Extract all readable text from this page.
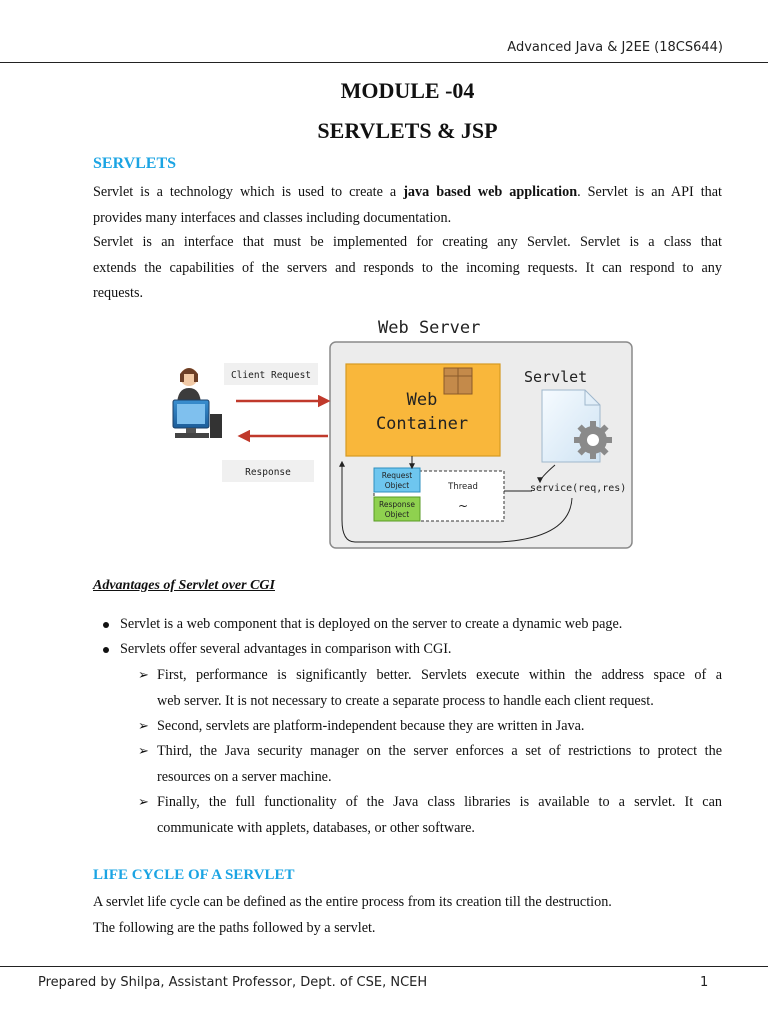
Advanced Java & J2EE (18CS644)
MODULE -04
SERVLETS & JSP
SERVLETS
Servlet is a technology which is used to create a java based web application. Servlet is an API that
provides many interfaces and classes including documentation.
Servlet is an interface that must be implemented for creating any Servlet. Servlet is a class that
extends the capabilities of the servers and responds to the incoming requests. It can respond to any
requests.
Web Server
Web
Container
Servlet
Thread
~
Request
Object
Response
Object
service(req,res)
Client Request
Response
Advantages of Servlet over CGI
Servlet is a web component that is deployed on the server to create a dynamic web page.
Servlets offer several advantages in comparison with CGI.
➢ First, performance is significantly better. Servlets execute within the address space of a
web server. It is not necessary to create a separate process to handle each client request.
➢ Second, servlets are platform-independent because they are written in Java.
➢ Third, the Java security manager on the server enforces a set of restrictions to protect the
resources on a server machine.
➢ Finally, the full functionality of the Java class libraries is available to a servlet. It can
communicate with applets, databases, or other software.
LIFE CYCLE OF A SERVLET
A servlet life cycle can be defined as the entire process from its creation till the destruction.
The following are the paths followed by a servlet.
Prepared by Shilpa, Assistant Professor, Dept. of CSE, NCEH	1
